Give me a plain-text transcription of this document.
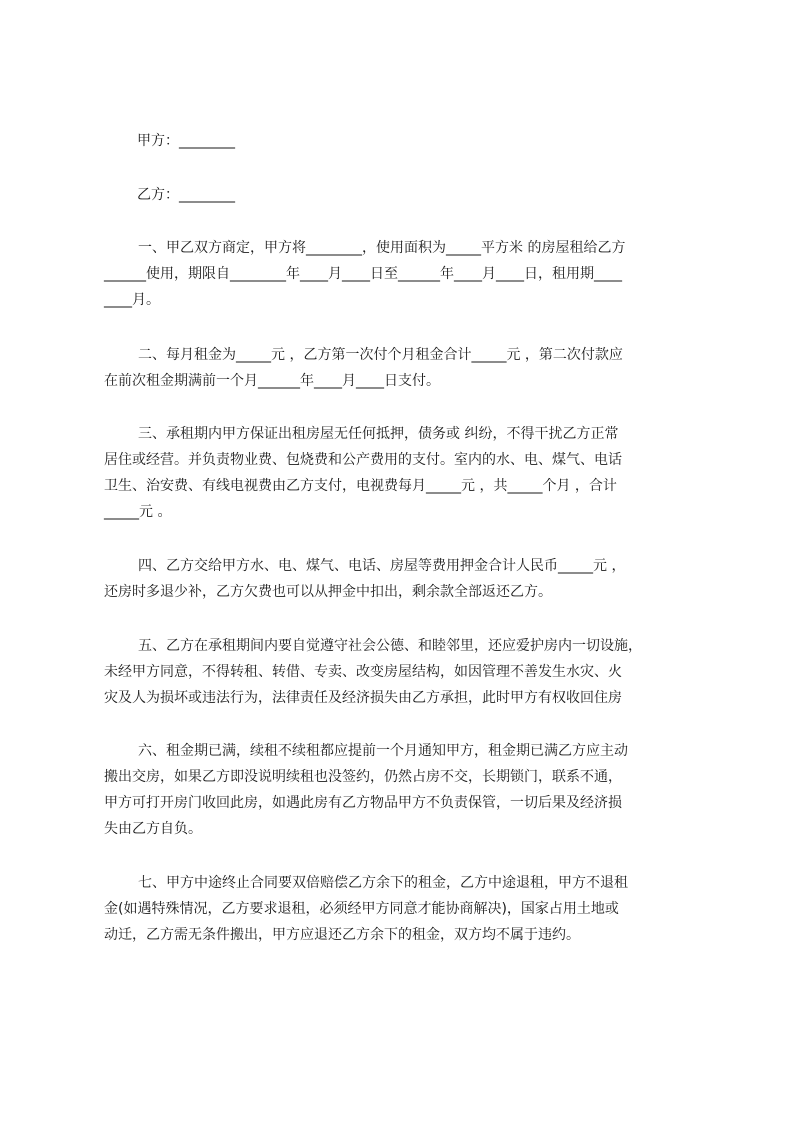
甲方：________
乙方：________

一、甲乙双方商定，甲方将________，使用面积为_____平方米 的房屋租给乙方
______使用，期限自________年____月____日至______年____月____日，租用期____
____月。

二、每月租金为_____元 ，乙方第一次付个月租金合计_____元 ，第二次付款应
在前次租金期满前一个月______年____月____日支付。

三、承租期内甲方保证出租房屋无任何抵押，债务或 纠纷，不得干扰乙方正常
居住或经营。并负责物业费、包烧费和公产费用的支付。室内的水、电、煤气、电话
卫生、治安费、有线电视费由乙方支付，电视费每月_____元 ，共_____个月 ，合计
_____元 。

四、乙方交给甲方水、电、煤气、电话、房屋等费用押金合计人民币_____元 ，
还房时多退少补，乙方欠费也可以从押金中扣出，剩余款全部返还乙方。

五、乙方在承租期间内要自觉遵守社会公德、和睦邻里，还应爱护房内一切设施，
未经甲方同意，不得转租、转借、专卖、改变房屋结构，如因管理不善发生水灾、火
灾及人为损坏或违法行为，法律责任及经济损失由乙方承担，此时甲方有权收回住房

六、租金期已满，续租不续租都应提前一个月通知甲方，租金期已满乙方应主动
搬出交房，如果乙方即没说明续租也没签约，仍然占房不交，长期锁门，联系不通，
甲方可打开房门收回此房，如遇此房有乙方物品甲方不负责保管，一切后果及经济损
失由乙方自负。

七、甲方中途终止合同要双倍赔偿乙方余下的租金，乙方中途退租，甲方不退租
金(如遇特殊情况，乙方要求退租，必须经甲方同意才能协商解决)，国家占用土地或
动迁，乙方需无条件搬出，甲方应退还乙方余下的租金，双方均不属于违约。
